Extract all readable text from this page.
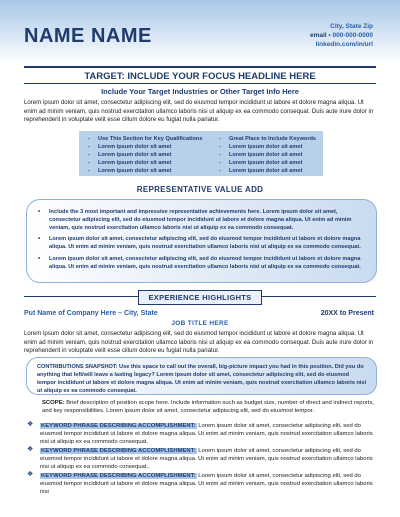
NAME NAME	City, State Zip
email • 000-000-0000
linkedin.com/in/url
TARGET: INCLUDE YOUR FOCUS HEADLINE HERE
Include Your Target Industries or Other Target Info Here
Lorem ipsum dolor sit amet, consectetur adipiscing elit, sed do eiusmod tempor incididunt ut labore et dolore magna aliqua. Ut enim ad minim veniam, quis nostrud exercitation ullamco laboris nisi ut aliquip ex ea commodo consequat. Duis aute irure dolor in reprehenderit in voluptate velit esse cillum dolore eu fugiat nulla pariatur.
- Use This Section for Key Qualifications
- Lorem ipsum dolor sit amet
- Lorem ipsum dolor sit amet
- Lorem ipsum dolor sit amet
- Lorem ipsum dolor sit amet
- Great Place to Include Keywords
- Lorem ipsum dolor sit amet
- Lorem ipsum dolor sit amet
- Lorem ipsum dolor sit amet
- Lorem ipsum dolor sit amet
REPRESENTATIVE VALUE ADD
• Include the 3 most important and impressive representative achievements here. Lorem ipsum dolor sit amet, consectetur adipiscing elit, sed do eiusmod tempor incididunt ut labore et dolore magna aliqua. Ut enim ad minim veniam, quis nostrud exercitation ullamco laboris nisi ut aliquip ex ea commodo consequat.
• Lorem ipsum dolor sit amet, consectetur adipiscing elit, sed do eiusmod tempor incididunt ut labore et dolore magna aliqua. Ut enim ad minim veniam, quis nostrud exercitation ullamco laboris nisi ut aliquip ex ea commodo consequat.
• Lorem ipsum dolor sit amet, consectetur adipiscing elit, sed do eiusmod tempor incididunt ut labore et dolore magna aliqua. Ut enim ad minim veniam, quis nostrud exercitation ullamco laboris nisi ut aliquip ex ea commodo consequat.
EXPERIENCE HIGHLIGHTS
Put Name of Company Here – City, State	20XX to Present
JOB TITLE HERE
Lorem ipsum dolor sit amet, consectetur adipiscing elit, sed do eiusmod tempor incididunt ut labore et dolore magna aliqua. Ut enim ad minim veniam, quis nostrud exercitation ullamco laboris nisi ut aliquip ex ea commodo consequat. Duis aute irure dolor in reprehenderit in voluptate velit esse cillum dolore eu fugiat nulla pariatur.
CONTRIBUTIONS SNAPSHOT: Use this space to call out the overall, big-picture impact you had in this position. Did you do anything that left/will leave a lasting legacy? Lorem ipsum dolor sit amet, consectetur adipiscing elit, sed do eiusmod tempor incididunt ut labore et dolore magna aliqua. Ut enim ad minim veniam, quis nostrud exercitation ullamco laboris nisi ut aliquip ex ea commodo consequat.
SCOPE: Brief description of position scope here. Include information such as budget size, number of direct and indirect reports, and key responsibilities. Lorem ipsum dolor sit amet, consectetur adipiscing elit, sed do eiusmod tempor.
❖ KEYWORD PHRASE DESCRIBING ACCOMPLISHMENT: Lorem ipsum dolor sit amet, consectetur adipiscing elit, sed do eiusmod tempor incididunt ut labore et dolore magna aliqua. Ut enim ad minim veniam, quis nostrud exercitation ullamco laboris nisi ut aliquip ex ea commodo consequat.
❖ KEYWORD PHRASE DESCRIBING ACCOMPLISHMENT: Lorem ipsum dolor sit amet, consectetur adipiscing elit, sed do eiusmod tempor incididunt ut labore et dolore magna aliqua. Ut enim ad minim veniam, quis nostrud exercitation ullamco laboris nisi ut aliquip ex ea commodo consequat..
❖ KEYWORD PHRASE DESCRIBING ACCOMPLISHMENT: Lorem ipsum dolor sit amet, consectetur adipiscing elit, sed do eiusmod tempor incididunt ut labore et dolore magna aliqua. Ut enim ad minim veniam, quis nostrud exercitation ullamco laboris nisi
